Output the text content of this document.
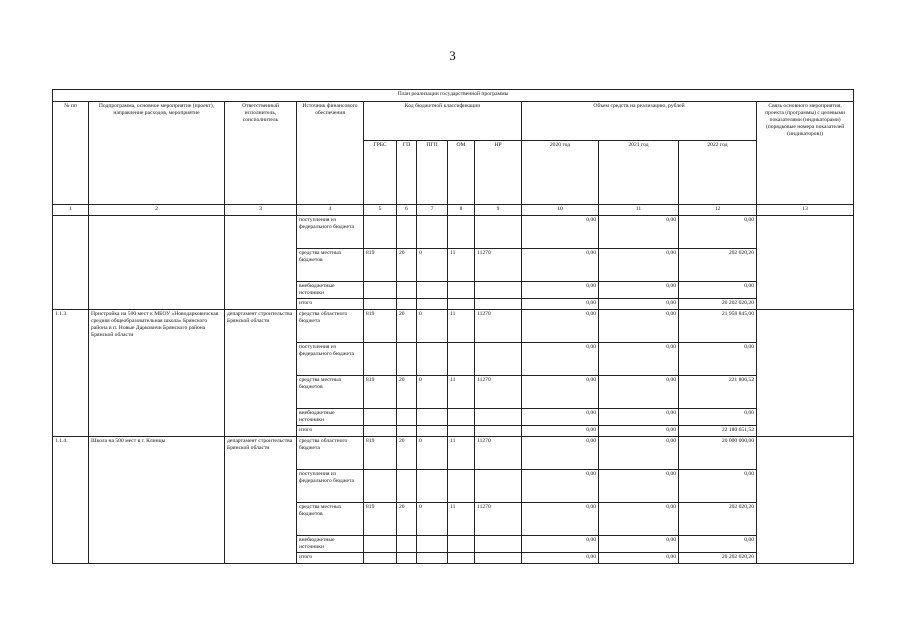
3
План реализации государственной программы												
№ пп	Подпрограмма, основное мероприятие (проект), направление расходов, мероприятие	Ответственный исполнитель, соисполнитель	Источник финансового обеспечения	Код бюджетной классификации					Объем средств на реализацию, рублей			Связь основного мероприятия, проекта (программы) с целевыми показателями (индикаторами) (порядковые номера показателей (индикаторов))
				ГРБС	ГП	ПГП	ОМ	НР	2020 год	2021 год	2022 год	
1	2	3	4	5	6	7	8	9	10	11	12	13
			поступления из федерального бюджета						0,00	0,00	0,00	
			средства местных бюджетов	819	20	0	11	11270	0,00	0,00	202 020,20	
			внебюджетные источники						0,00	0,00	0,00	
			итого						0,00	0,00	20 202 020,20	
1.1.3.	Пристройка на 500 мест к МБОУ «Новодарковичская средняя общеобразовательная школа» Брянского района в п. Новые Дарковичи Брянского района Брянской области	департамент строительства Брянской области	средства областного бюджета	819	20	0	11	11270	0,00	0,00	21 958 845,00	
			поступления из федерального бюджета						0,00	0,00	0,00	
			средства местных бюджетов	819	20	0	11	11270	0,00	0,00	221 806,52	
			внебюджетные источники						0,00	0,00	0,00	
			итого						0,00	0,00	22 180 651,52	
1.1.4.	Школа на 500 мест в г. Клинцы	департамент строительства Брянской области	средства областного бюджета	819	20	0	11	11270	0,00	0,00	20 000 000,00	
			поступления из федерального бюджета						0,00	0,00	0,00	
			средства местных бюджетов	819	20	0	11	11270	0,00	0,00	202 020,20	
			внебюджетные источники						0,00	0,00	0,00	
			итого						0,00	0,00	20 202 020,20	
